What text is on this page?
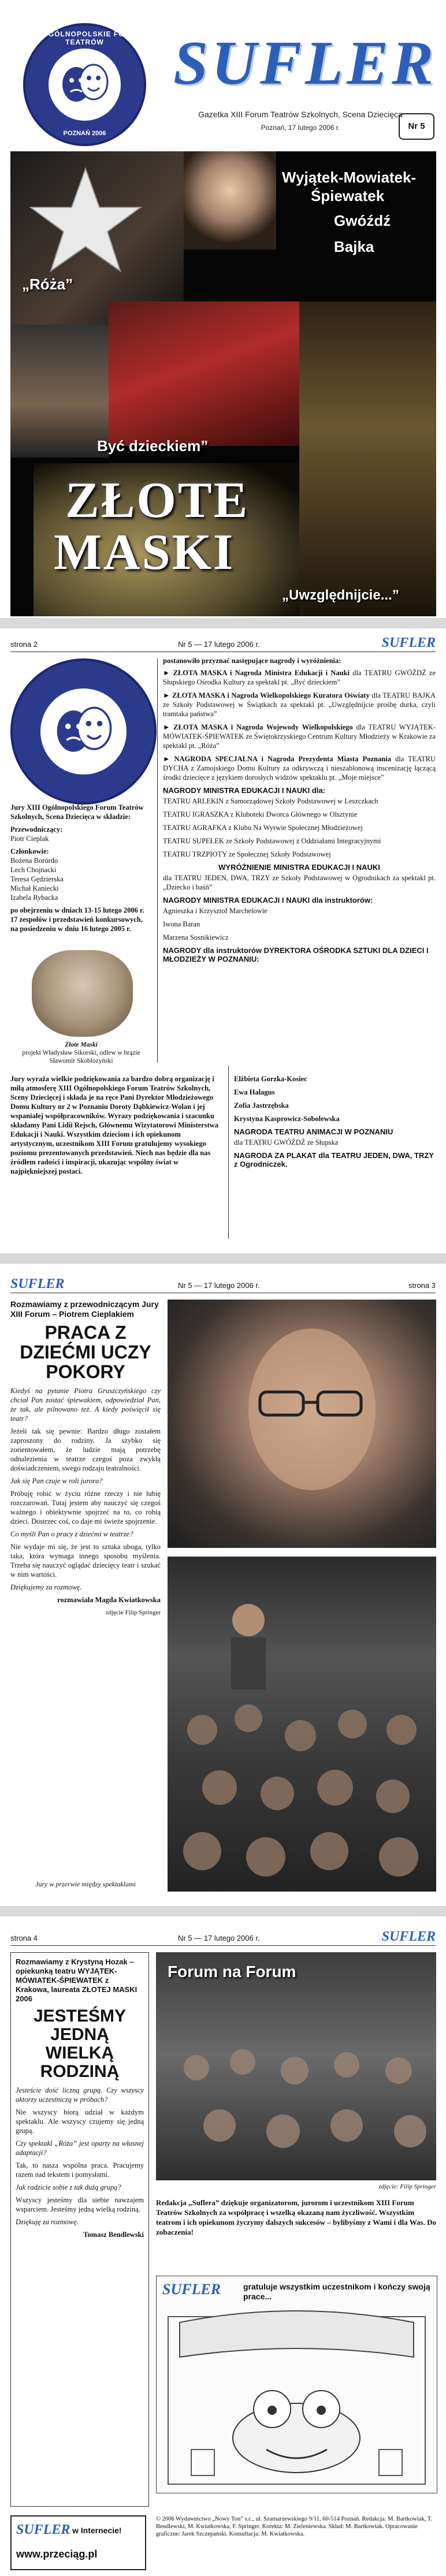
XIII OGÓLNOPOLSKIE FORUM TEATRÓW
POZNAŃ 2006
SUFLER
Gazetka XIII Forum Teatrów Szkolnych, Scena Dziecięca
Poznań, 17 lutego 2006 r.	Nr 5
Wyjątek-Mowiatek-
Śpiewatek
Gwóźdź
Bajka
„Róża”
Być dzieckiem”
ZŁOTE
MASKI
„Uwzględnijcie...”
strona 2	Nr 5 — 17 lutego 2006 r.	SUFLER
Jury XIII Ogólnopolskiego Forum Teatrów Szkolnych, Scena Dziecięca w składzie:
Przewodniczący:
Piotr Cieplak
Członkowie:
Bożena Borórdo
Lech Chojnacki
Teresa Gędzierska
Michał Kaniecki
Izabela Rybacka
po obejrzeniu w dniach 13-15 lutego 2006 r. 17 zespołów i przedstawień konkursowych, na posiedzeniu w dniu 16 lutego 2005 r.
Złote Maski
projekt Władysław Sikorski, odlew w brązie Sławomir Skoblozyński
postanowiło przyznać następujące nagrody i wyróżnienia:
► ZŁOTA MASKA i Nagroda Ministra Edukacji i Nauki dla TEATRU GWÓŹDŹ ze Słupskiego Ośrodka Kultury za spektakl pt. „Być dzieckiem”
► ZŁOTA MASKA i Nagroda Wielkopolskiego Kuratora Oświaty dla TEATRU BAJKA ze Szkoły Podstawowej w Świątkach za spektakl pt. „Uwzględnijcie prośbę durka, czyli tramtaka państwa”
► ZŁOTA MASKA i Nagroda Wojewody Wielkopolskiego dla TEATRU WYJĄTEK-MÓWIATEK-ŚPIEWATEK ze Świętokrzyskiego Centrum Kultury Młodzieży w Krakowie za spektakl pt. „Róża”
► NAGRODA SPECJALNA i Nagroda Prezydenta Miasta Poznania dla TEATRU DYCHA z Zamojskiego Domu Kultury za odkrywczą i nieszablonową inscenizację łączącą środki dziecięce z językiem dorosłych widzów spektaklu pt. „Moje miejsce”
NAGRODY MINISTRA EDUKACJI I NAUKI dla:
TEATRU ARLEKIN z Samorządowej Szkoły Podstawowej w Leszczkach
TEATRU IGRASZKA z Kluboteki Dworca Głównego w Olsztynie
TEATRU AGRAFKA z Klubu Na Wyrwie Społecznej Młodzieżowej
TEATRU SUPEŁEK ze Szkoły Podstawowej z Oddziałami Integracyjnymi
TEATRU TRZPIOTY ze Społecznej Szkoły Podstawowej
WYRÓŻNIENIE MINISTRA EDUKACJI I NAUKI
dla TEATRU JEDEN, DWA, TRZY ze Szkoły Podstawowej w Ogrodnikach za spektakl pt. „Dziecko i baśń”
NAGRODY MINISTRA EDUKACJI I NAUKI dla instruktorów:
Agnieszka i Krzysztof Marchelowie
Iwona Baran
Marzena Sosnikiewicz
NAGRODY dla instruktorów DYREKTORA OŚRODKA SZTUKI DLA DZIECI I MŁODZIEŻY W POZNANIU:
Jury wyraża wielkie podziękowania za bardzo dobrą organizację i miłą atmosferę XIII Ogólnopolskiego Forum Teatrów Szkolnych, Sceny Dziecięcej i składa je na ręce Pani Dyrektor Młodzieżowego Domu Kultury nr 2 w Poznaniu Doroty Dąbkiewicz-Wolan i jej wspaniałej współpracowników. Wyrazy podziękowania i szacunku składamy Pani Lidii Rejsch, Głównemu Wizytatorowi Ministerstwa Edukacji i Nauki. Wszystkim dzieciom i ich opiekunom artystycznym, uczestnikom XIII Forum gratulujemy wysokiego poziomu prezentowanych przedstawień. Niech nas będzie dla nas źródłem radości i inspiracji, ukazując wspólny świat w najpiękniejszej postaci.
Elżbieta Gorzka-Kosiec
Ewa Halagus
Zofia Jastrzębska
Krystyna Kasprowicz-Sobolewska
NAGRODA TEATRU ANIMACJI W POZNANIU
dla TEATRU GWÓŹDŹ ze Słupska
NAGRODA ZA PLAKAT dla TEATRU JEDEN, DWA, TRZY z Ogrodniczek.
SUFLER	Nr 5 — 17 lutego 2006 r.	strona 3
Rozmawiamy z przewodniczącym Jury XIII Forum – Piotrem Cieplakiem
PRACA Z DZIEĆMI UCZY POKORY

Kiedyś na pytanie Piotra Gruszczyńskiego czy chciał Pan zostać śpiewakiem, odpowiedział Pan, że tak, ale pilnowano też. A kiedy poświęcił się teatr?

Jeżeli tak się pewnie: Bardzo długo zostałem zaproszony do rodziny. Ja szybko się zorientowałem, że ludzie mają potrzebę odnalezienia w teatrze czegoś poza zwykłą doświadczeniem, swego rodzaju teatralności.

Jak się Pan czuje w roli jurora?

Próbuję robić w życiu różne rzeczy i nie lubię rozczarowań. Tutaj jestem aby nauczyć się czegoś ważnego i obiektywnie spojrzeć na to, co robią dzieci. Dostrzec coś, co daje mi świeże spojrzenie.

Co myśli Pan o pracy z dziećmi w teatrze?

Nie wydaje mi się, że jest to sztuka uboga, tylko taka, która wymaga innego sposobu myślenia. Trzeba się nauczyć oglądać dziecięcy teatr i szukać w nim wartości.

Dziękujemy za rozmowę.

rozmawiała Magda Kwiatkowska

zdjęcie Filip Springer

Jury w przerwie między spektaklami
strona 4	Nr 5 — 17 lutego 2006 r.	SUFLER
Rozmawiamy z Krystyną Hozak – opiekunką teatru WYJĄTEK-MÓWIATEK-ŚPIEWATEK z Krakowa, laureata ZŁOTEJ MASKI 2006
JESTEŚMY JEDNĄ WIELKĄ RODZINĄ

Jesteście dość liczną grupą. Czy wszyscy aktorzy uczestniczą w próbach?

Nie wszyscy biorą udział w każdym spektaklu. Ale wszyscy czujemy się jedną grupą.

Czy spektakl „Róża” jest oparty na własnej adaptacji?

Tak, to nasza wspólna praca. Pracujemy razem nad tekstem i pomysłami.

Jak radzicie sobie z tak dużą grupą?

Wszyscy jesteśmy dla siebie nawzajem wsparciem. Jesteśmy jedną wielką rodziną.

Dziękuję za rozmowę.

Tomasz Bendlewski

Forum na Forum
zdjęcie: Filip Springer
Redakcja „Suflera” dziękuje organizatorom, jurorom i uczestnikom XIII Forum Teatrów Szkolnych za współpracę i wszelką okazaną nam życzliwość. Wszystkim teatrom i ich opiekunom życzymy dalszych sukcesów – bylibyśmy z Wami i dla Was. Do zobaczenia!
SUFLER	gratuluje wszystkim uczestnikom i kończy swoją prace...
SUFLER w Internecie!
www.przeciąg.pl
© 2006 Wydawnictwo „Nowy Ton” s.c., ul. Szamarzewskiego 9/11, 60-514 Poznań. Redakcja: M. Bartkowiak, T. Bendlewski, M. Kwiatkowska, F. Springer. Korekta: M. Zieleniewska. Skład: M. Bartkowiak. Opracowanie graficzne: Jarek Szczepański. Konsultacja: M. Kwiatkowska.
